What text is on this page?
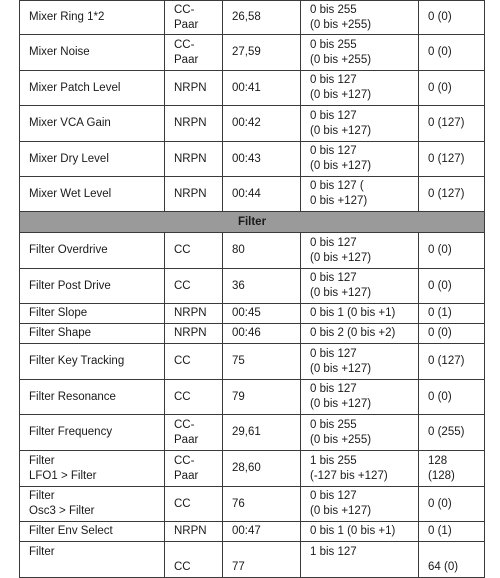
Mixer Ring 1*2	CC-
Paar	26,58	0 bis 255
(0 bis +255)	0 (0)

Mixer Noise	CC-
Paar	27,59	0 bis 255
(0 bis +255)	0 (0)

Mixer Patch Level	NRPN	00:41	0 bis 127
(0 bis +127)	0 (0)

Mixer VCA Gain	NRPN	00:42	0 bis 127
(0 bis +127)	0 (127)

Mixer Dry Level	NRPN	00:43	0 bis 127
(0 bis +127)	0 (127)

Mixer Wet Level	NRPN	00:44	0 bis 127 (
0 bis +127)	0 (127)

Filter				

Filter Overdrive	CC	80	0 bis 127
(0 bis +127)	0 (0)

Filter Post Drive	CC	36	0 bis 127
(0 bis +127)	0 (0)

Filter Slope	NRPN	00:45	0 bis 1 (0 bis +1)	0 (1)

Filter Shape	NRPN	00:46	0 bis 2 (0 bis +2)	0 (0)

Filter Key Tracking	CC	75	0 bis 127
(0 bis +127)	0 (127)

Filter Resonance	CC	79	0 bis 127
(0 bis +127)	0 (0)

Filter Frequency	CC-
Paar	29,61	0 bis 255
(0 bis +255)	0 (255)

Filter
LFO1 > Filter	CC-
Paar	28,60	1 bis 255
(-127 bis +127)	128
(128)

Filter
Osc3 > Filter	CC	76	0 bis 127
(0 bis +127)	0 (0)

Filter Env Select	NRPN	00:47	0 bis 1 (0 bis +1)	0 (1)

Filter	CC	77	1 bis 127	64 (0)
